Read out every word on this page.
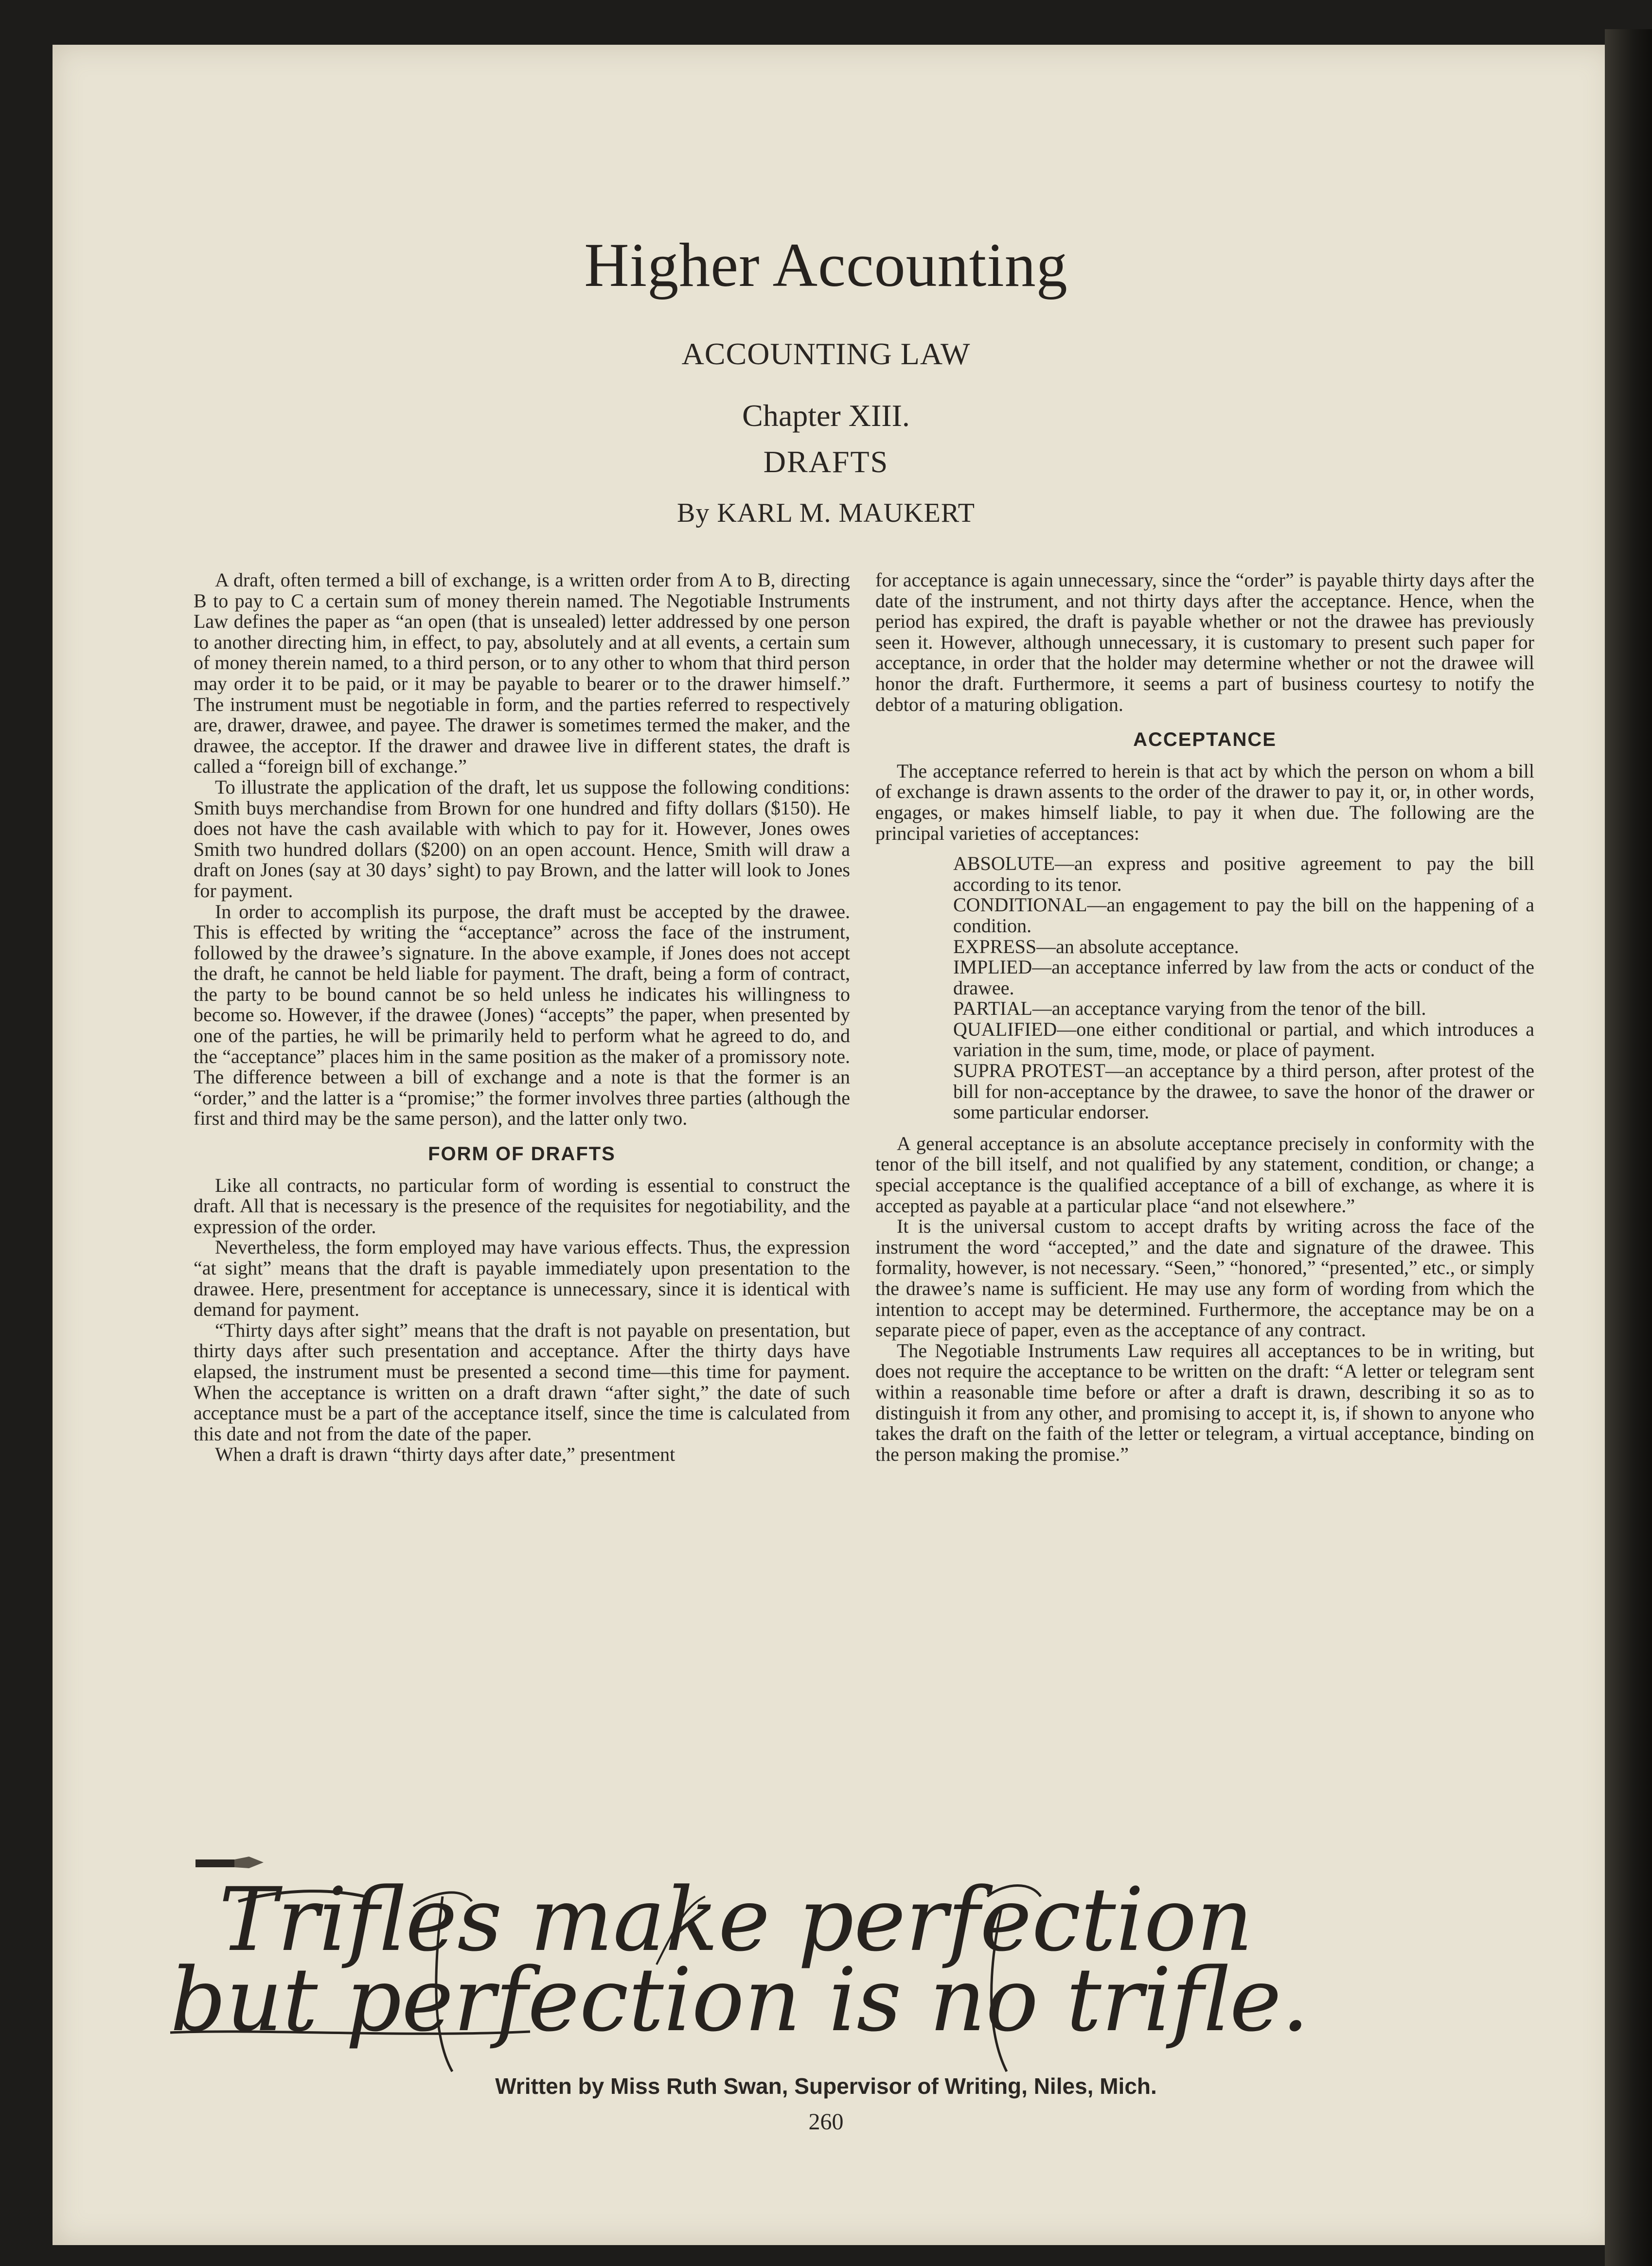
Higher Accounting
ACCOUNTING LAW
Chapter XIII.
DRAFTS
By KARL M. MAUKERT

A draft, often termed a bill of exchange, is a written order from A to B, directing B to pay to C a certain sum of money therein named. The Negotiable Instruments Law defines the paper as “an open (that is unsealed) letter addressed by one person to another directing him, in effect, to pay, absolutely and at all events, a certain sum of money therein named, to a third person, or to any other to whom that third person may order it to be paid, or it may be payable to bearer or to the drawer himself.” The instrument must be negotiable in form, and the parties referred to respectively are, drawer, drawee, and payee. The drawer is sometimes termed the maker, and the drawee, the acceptor. If the drawer and drawee live in different states, the draft is called a “foreign bill of exchange.”

To illustrate the application of the draft, let us suppose the following conditions: Smith buys merchandise from Brown for one hundred and fifty dollars ($150). He does not have the cash available with which to pay for it. However, Jones owes Smith two hundred dollars ($200) on an open account. Hence, Smith will draw a draft on Jones (say at 30 days’ sight) to pay Brown, and the latter will look to Jones for payment.

In order to accomplish its purpose, the draft must be accepted by the drawee. This is effected by writing the “acceptance” across the face of the instrument, followed by the drawee’s signature. In the above example, if Jones does not accept the draft, he cannot be held liable for payment. The draft, being a form of contract, the party to be bound cannot be so held unless he indicates his willingness to become so. However, if the drawee (Jones) “accepts” the paper, when presented by one of the parties, he will be primarily held to perform what he agreed to do, and the “acceptance” places him in the same position as the maker of a promissory note. The difference between a bill of exchange and a note is that the former is an “order,” and the latter is a “promise;” the former involves three parties (although the first and third may be the same person), and the latter only two.

FORM OF DRAFTS

Like all contracts, no particular form of wording is essential to construct the draft. All that is necessary is the presence of the requisites for negotiability, and the expression of the order.

Nevertheless, the form employed may have various effects. Thus, the expression “at sight” means that the draft is payable immediately upon presentation to the drawee. Here, presentment for acceptance is unnecessary, since it is identical with demand for payment.

“Thirty days after sight” means that the draft is not payable on presentation, but thirty days after such presentation and acceptance. After the thirty days have elapsed, the instrument must be presented a second time—this time for payment. When the acceptance is written on a draft drawn “after sight,” the date of such acceptance must be a part of the acceptance itself, since the time is calculated from this date and not from the date of the paper.

When a draft is drawn “thirty days after date,” presentment

for acceptance is again unnecessary, since the “order” is payable thirty days after the date of the instrument, and not thirty days after the acceptance. Hence, when the period has expired, the draft is payable whether or not the drawee has previously seen it. However, although unnecessary, it is customary to present such paper for acceptance, in order that the holder may determine whether or not the drawee will honor the draft. Furthermore, it seems a part of business courtesy to notify the debtor of a maturing obligation.

ACCEPTANCE

The acceptance referred to herein is that act by which the person on whom a bill of exchange is drawn assents to the order of the drawer to pay it, or, in other words, engages, or makes himself liable, to pay it when due. The following are the principal varieties of acceptances:

ABSOLUTE—an express and positive agreement to pay the bill according to its tenor.
CONDITIONAL—an engagement to pay the bill on the happening of a condition.
EXPRESS—an absolute acceptance.
IMPLIED—an acceptance inferred by law from the acts or conduct of the drawee.
PARTIAL—an acceptance varying from the tenor of the bill.
QUALIFIED—one either conditional or partial, and which introduces a variation in the sum, time, mode, or place of payment.
SUPRA PROTEST—an acceptance by a third person, after protest of the bill for non-acceptance by the drawee, to save the honor of the drawer or some particular endorser.

A general acceptance is an absolute acceptance precisely in conformity with the tenor of the bill itself, and not qualified by any statement, condition, or change; a special acceptance is the qualified acceptance of a bill of exchange, as where it is accepted as payable at a particular place “and not elsewhere.”

It is the universal custom to accept drafts by writing across the face of the instrument the word “accepted,” and the date and signature of the drawee. This formality, however, is not necessary. “Seen,” “honored,” “presented,” etc., or simply the drawee’s name is sufficient. He may use any form of wording from which the intention to accept may be determined. Furthermore, the acceptance may be on a separate piece of paper, even as the acceptance of any contract.

The Negotiable Instruments Law requires all acceptances to be in writing, but does not require the acceptance to be written on the draft: “A letter or telegram sent within a reasonable time before or after a draft is drawn, describing it so as to distinguish it from any other, and promising to accept it, is, if shown to anyone who takes the draft on the faith of the letter or telegram, a virtual acceptance, binding on the person making the promise.”

Trifles make perfection
but perfection is no trifle.
Written by Miss Ruth Swan, Supervisor of Writing, Niles, Mich.
260
